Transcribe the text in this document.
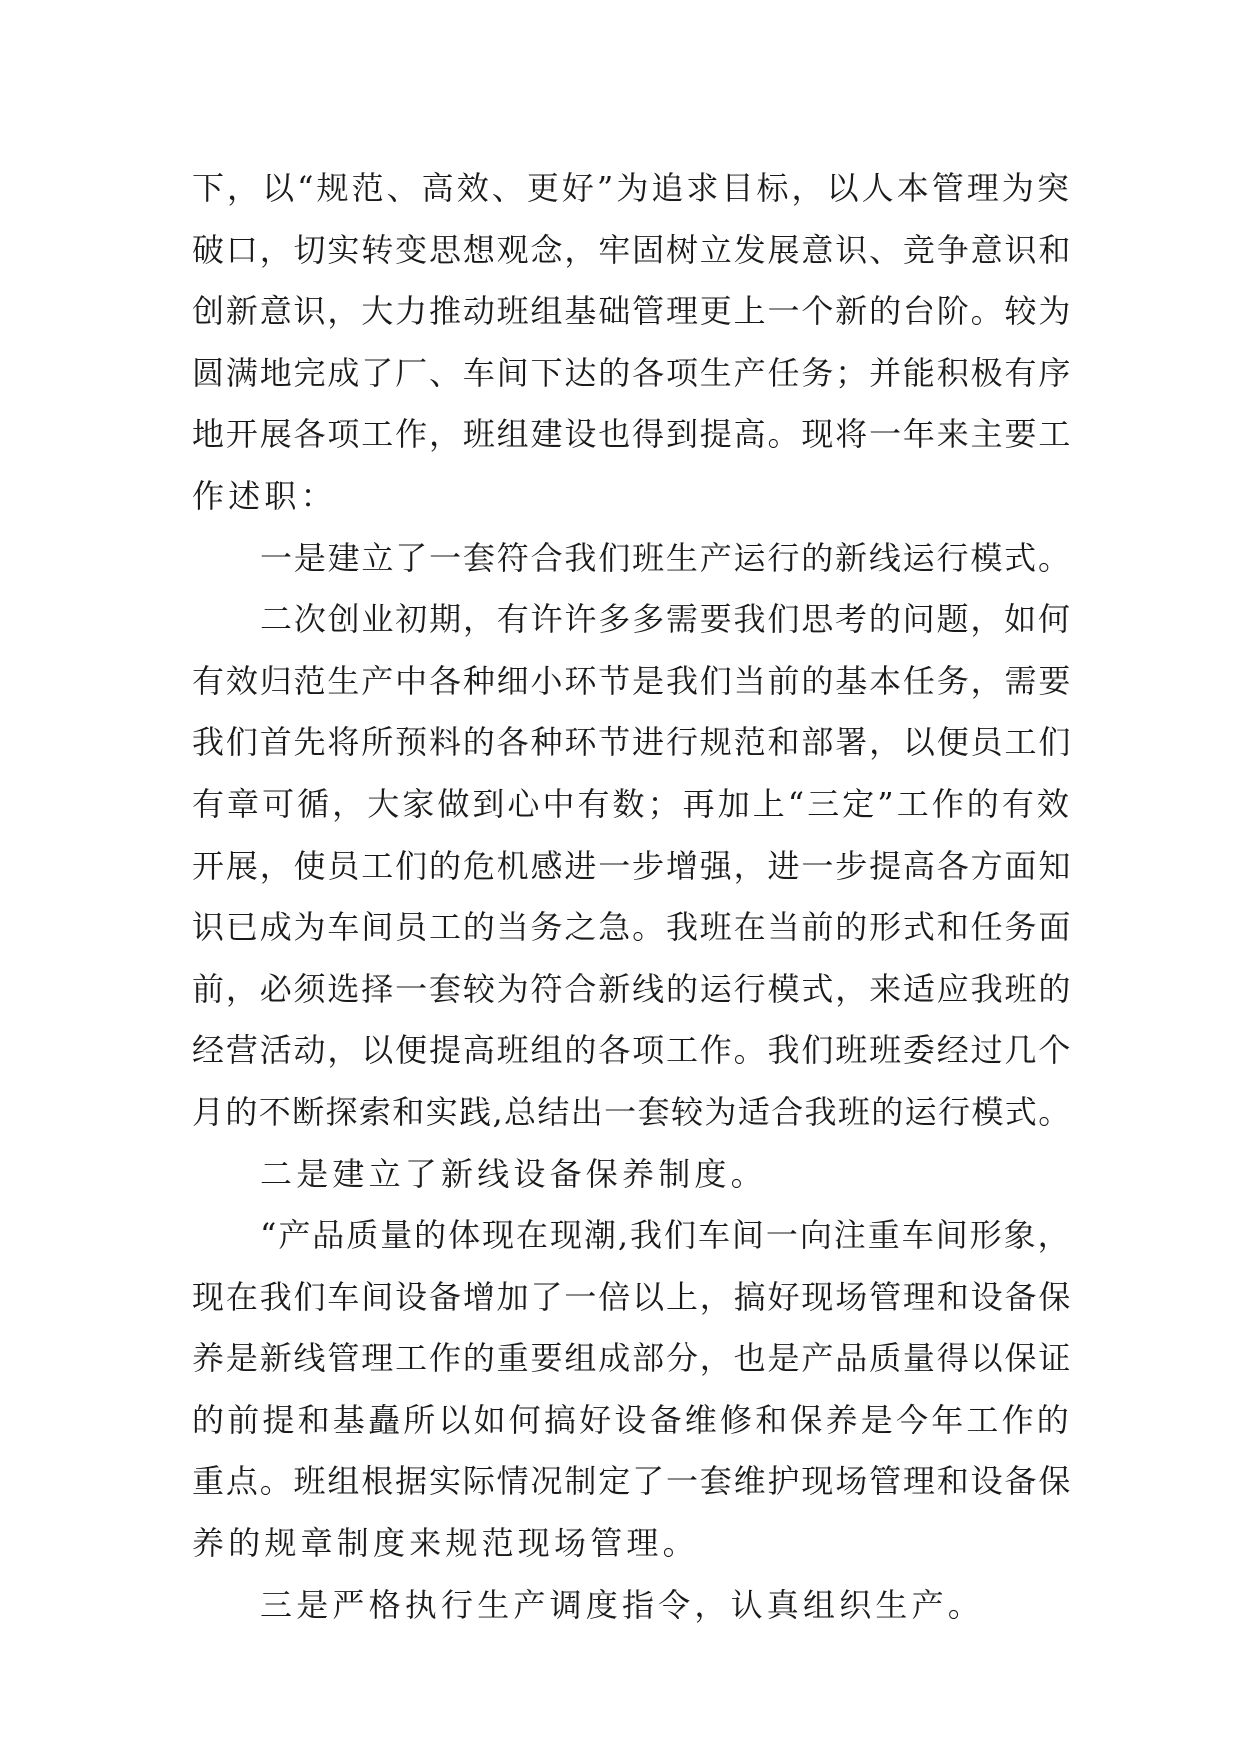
下，以“规范、高效、更好”为追求目标，以人本管理为突
破口，切实转变思想观念，牢固树立发展意识、竞争意识和
创新意识，大力推动班组基础管理更上一个新的台阶。较为
圆满地完成了厂、车间下达的各项生产任务；并能积极有序
地开展各项工作，班组建设也得到提高。现将一年来主要工
作述职：
一是建立了一套符合我们班生产运行的新线运行模式。
二次创业初期，有许许多多需要我们思考的问题，如何
有效归范生产中各种细小环节是我们当前的基本任务，需要
我们首先将所预料的各种环节进行规范和部署，以便员工们
有章可循，大家做到心中有数；再加上“三定”工作的有效
开展，使员工们的危机感进一步增强，进一步提高各方面知
识已成为车间员工的当务之急。我班在当前的形式和任务面
前，必须选择一套较为符合新线的运行模式，来适应我班的
经营活动，以便提高班组的各项工作。我们班班委经过几个
月的不断探索和实践,总结出一套较为适合我班的运行模式。
二是建立了新线设备保养制度。
“产品质量的体现在现潮,我们车间一向注重车间形象，
现在我们车间设备增加了一倍以上，搞好现场管理和设备保
养是新线管理工作的重要组成部分，也是产品质量得以保证
的前提和基矗所以如何搞好设备维修和保养是今年工作的
重点。班组根据实际情况制定了一套维护现场管理和设备保
养的规章制度来规范现场管理。
三是严格执行生产调度指令，认真组织生产。
